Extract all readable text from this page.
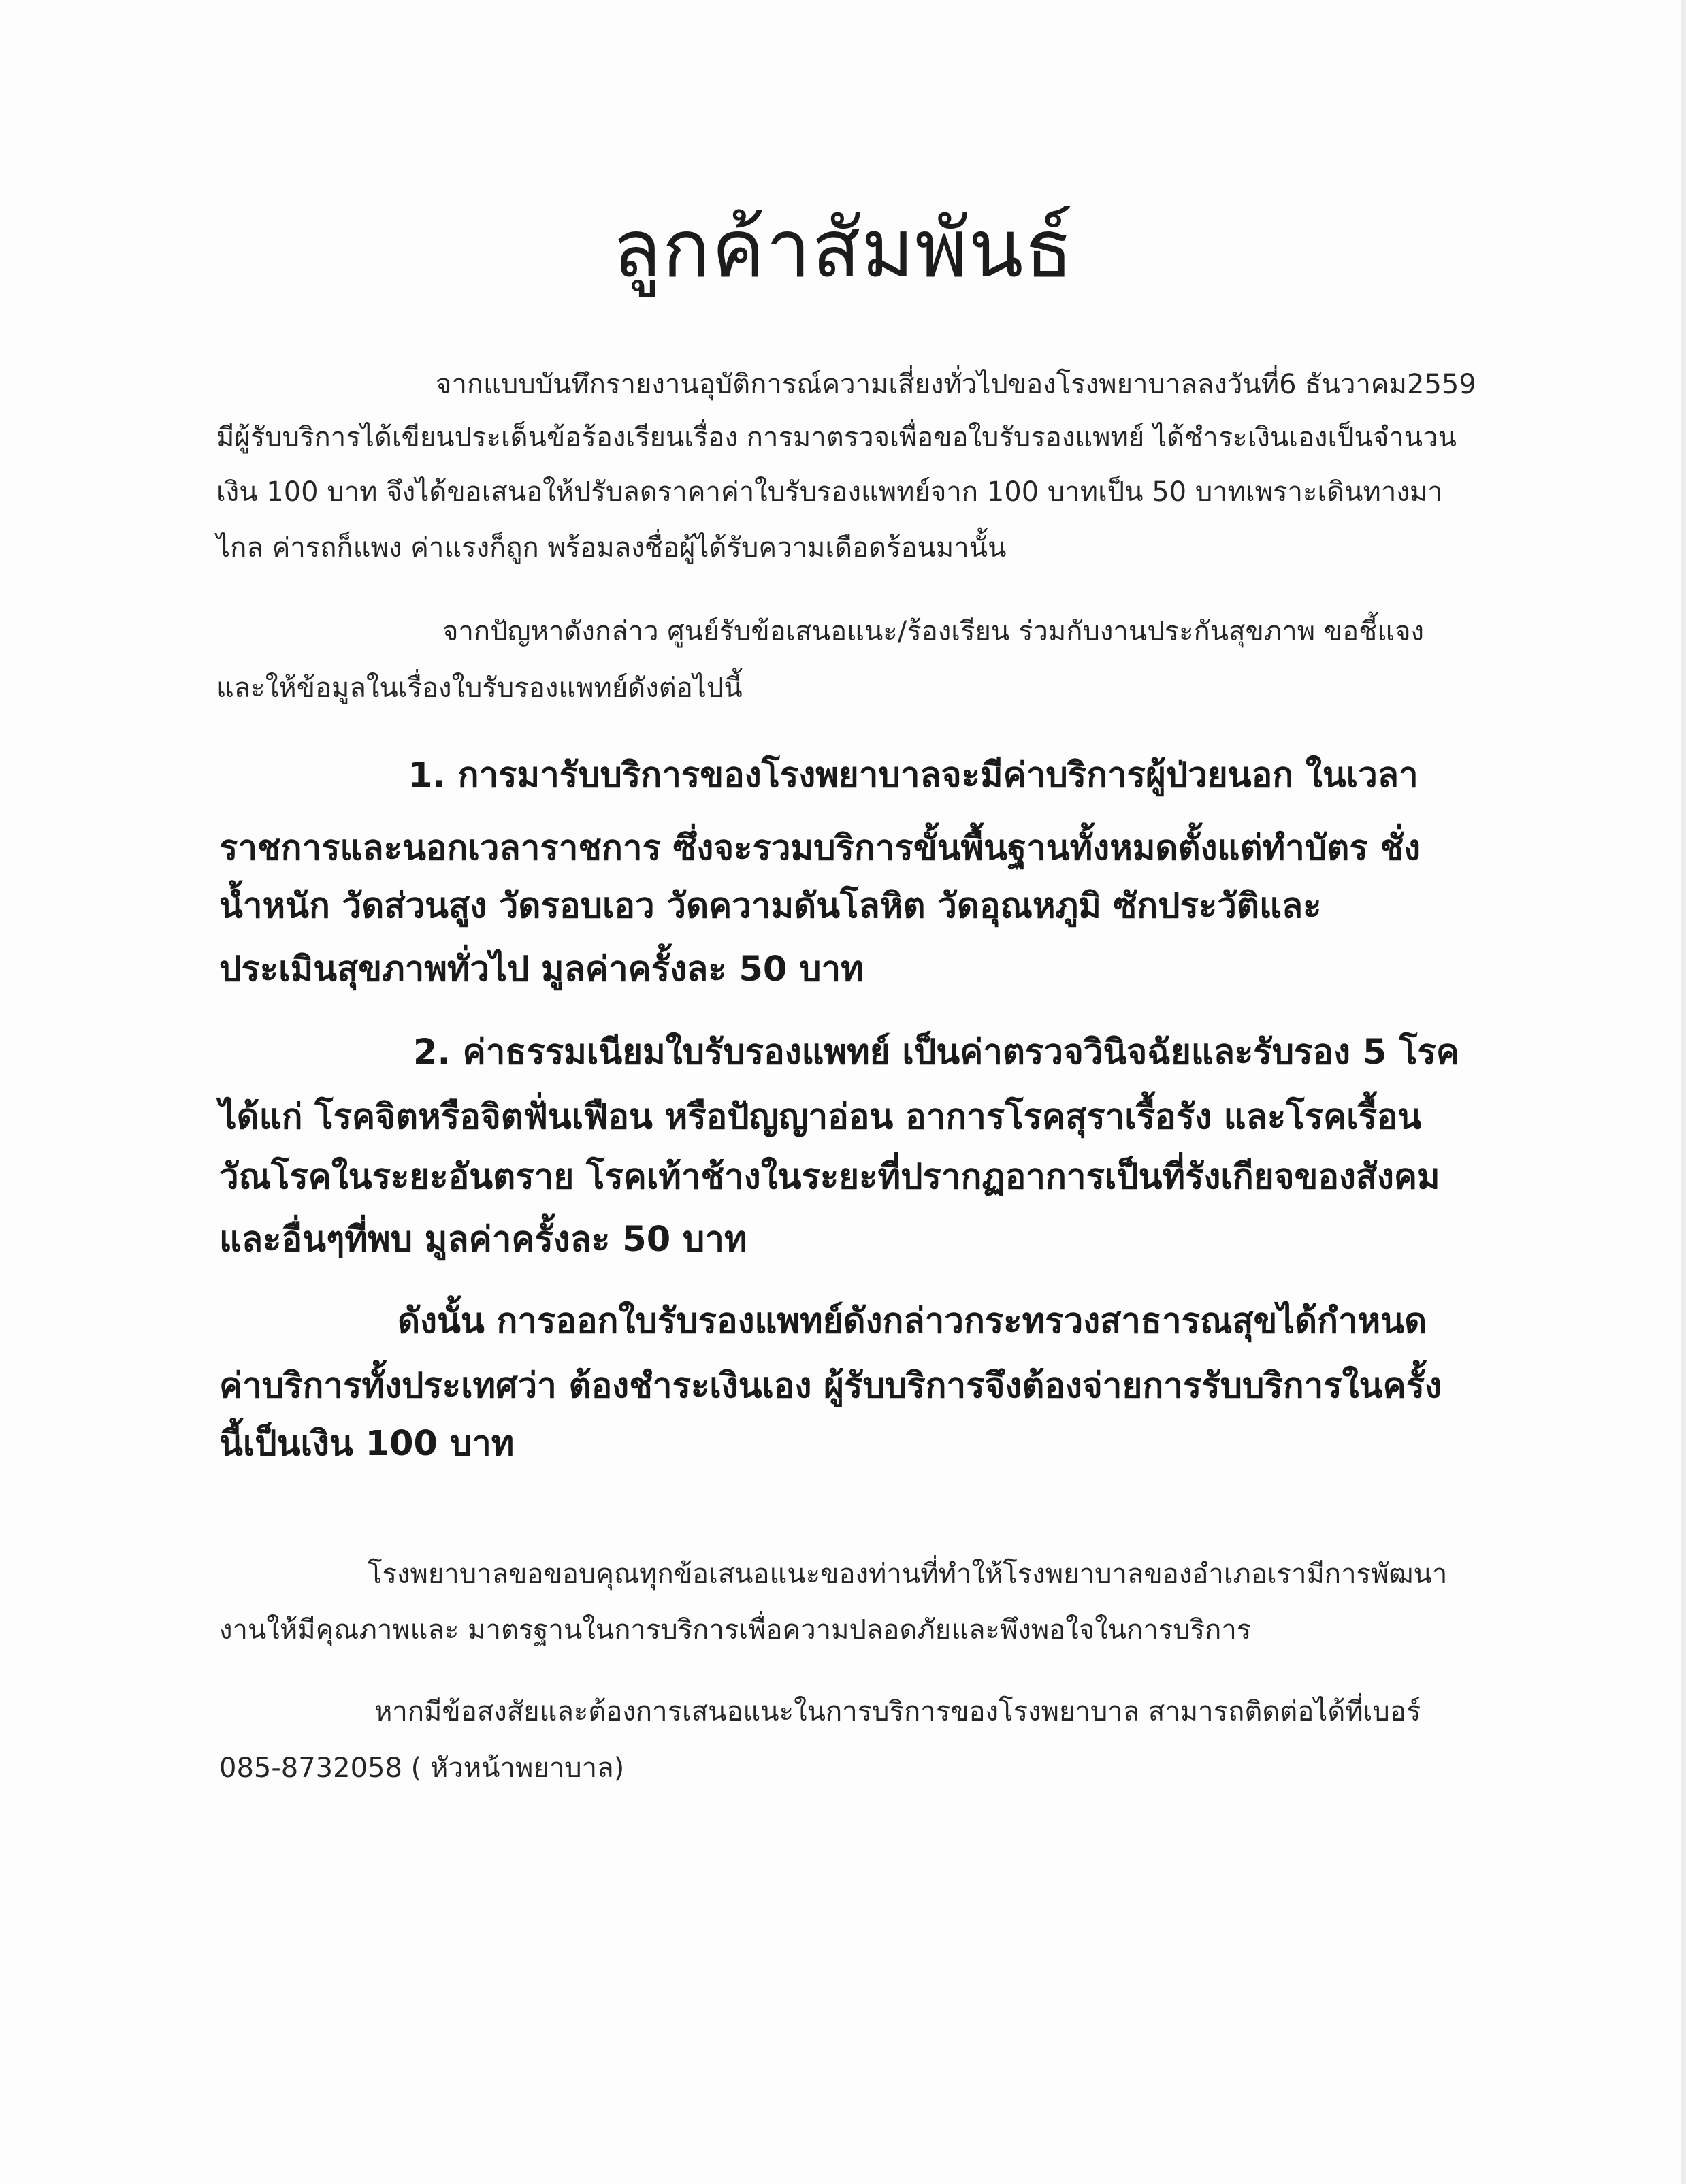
ลูกค้าสัมพันธ์

จากแบบบันทึกรายงานอุบัติการณ์ความเสี่ยงทั่วไปของโรงพยาบาลลงวันที่6 ธันวาคม2559

มีผู้รับบริการได้เขียนประเด็นข้อร้องเรียนเรื่อง การมาตรวจเพื่อขอใบรับรองแพทย์ ได้ชำระเงินเองเป็นจำนวน

เงิน 100 บาท จึงได้ขอเสนอให้ปรับลดราคาค่าใบรับรองแพทย์จาก 100 บาทเป็น 50 บาทเพราะเดินทางมา

ไกล ค่ารถก็แพง ค่าแรงก็ถูก พร้อมลงชื่อผู้ได้รับความเดือดร้อนมานั้น

จากปัญหาดังกล่าว ศูนย์รับข้อเสนอแนะ/ร้องเรียน ร่วมกับงานประกันสุขภาพ ขอชี้แจง

และให้ข้อมูลในเรื่องใบรับรองแพทย์ดังต่อไปนี้

1. การมารับบริการของโรงพยาบาลจะมีค่าบริการผู้ป่วยนอก ในเวลา

ราชการและนอกเวลาราชการ ซึ่งจะรวมบริการขั้นพื้นฐานทั้งหมดตั้งแต่ทำบัตร ชั่ง

น้ำหนัก วัดส่วนสูง วัดรอบเอว วัดความดันโลหิต วัดอุณหภูมิ ซักประวัติและ

ประเมินสุขภาพทั่วไป มูลค่าครั้งละ 50 บาท

2. ค่าธรรมเนียมใบรับรองแพทย์ เป็นค่าตรวจวินิจฉัยและรับรอง 5 โรค

ได้แก่ โรคจิตหรือจิตฟั่นเฟือน หรือปัญญาอ่อน อาการโรคสุราเรื้อรัง และโรคเรื้อน

วัณโรคในระยะอันตราย โรคเท้าช้างในระยะที่ปรากฏอาการเป็นที่รังเกียจของสังคม

และอื่นๆที่พบ มูลค่าครั้งละ 50 บาท

ดังนั้น การออกใบรับรองแพทย์ดังกล่าวกระทรวงสาธารณสุขได้กำหนด

ค่าบริการทั้งประเทศว่า ต้องชำระเงินเอง ผู้รับบริการจึงต้องจ่ายการรับบริการในครั้ง

นี้เป็นเงิน 100 บาท

โรงพยาบาลขอขอบคุณทุกข้อเสนอแนะของท่านที่ทำให้โรงพยาบาลของอำเภอเรามีการพัฒนา

งานให้มีคุณภาพและ มาตรฐานในการบริการเพื่อความปลอดภัยและพึงพอใจในการบริการ

หากมีข้อสงสัยและต้องการเสนอแนะในการบริการของโรงพยาบาล สามารถติดต่อได้ที่เบอร์

085-8732058 ( หัวหน้าพยาบาล)
